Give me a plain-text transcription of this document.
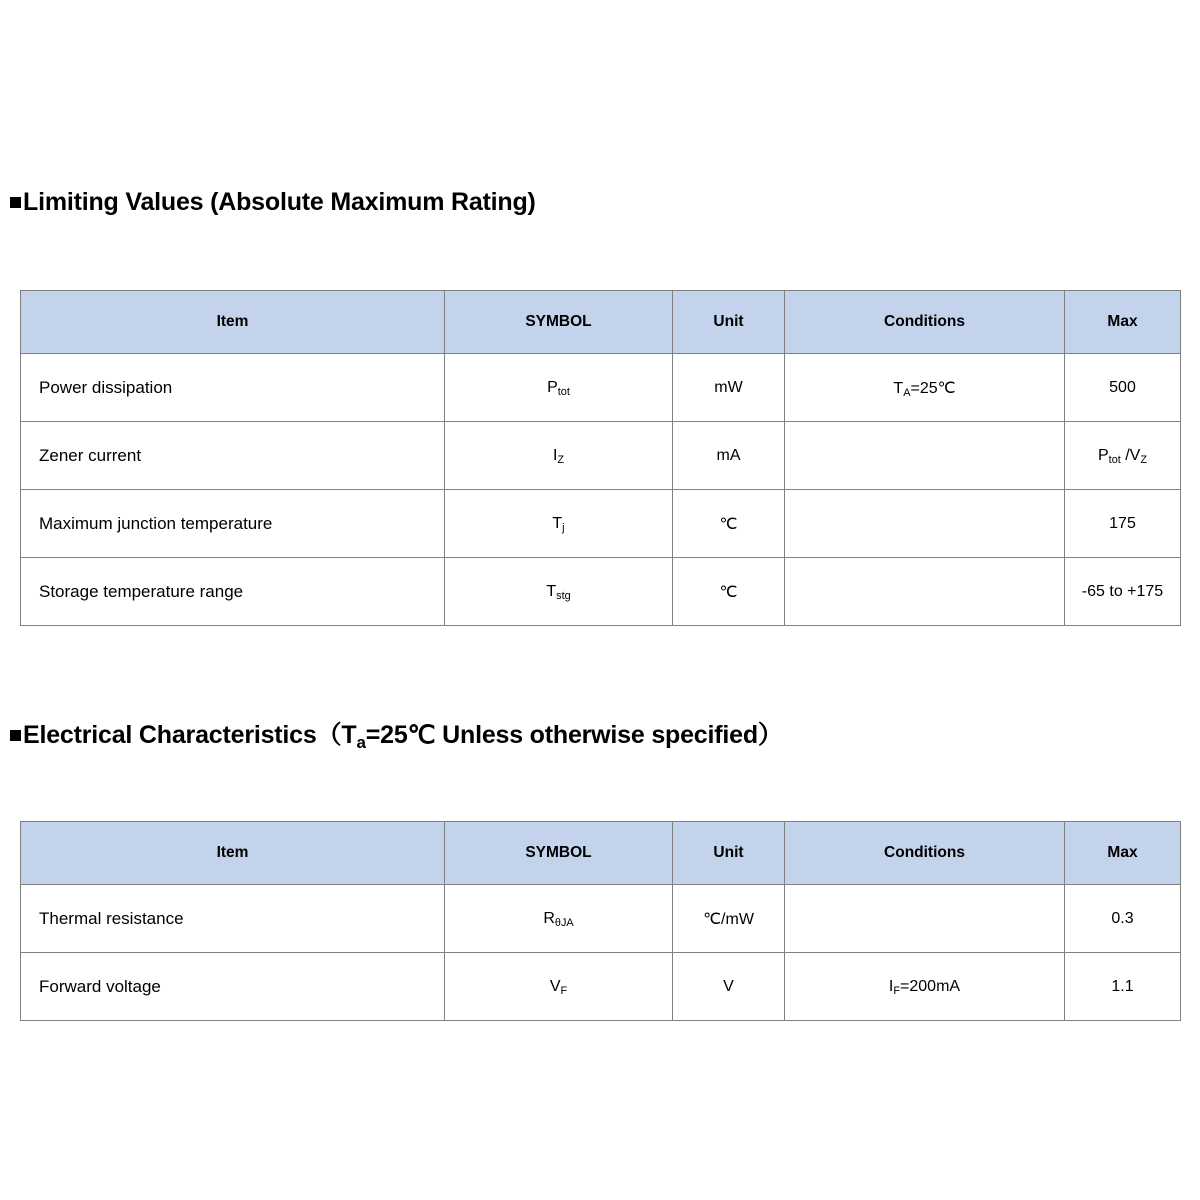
Limiting Values (Absolute Maximum Rating)
Item	SYMBOL	Unit	Conditions	Max
Power dissipation	$P_{tot}$	mW	$T_A=25℃$	500
Zener current	$I_Z$	mA		$P_{tot}$ $/V_Z$
Maximum junction temperature	$T_j$	℃		175
Storage temperature range	$T_{stg}$	℃		-65 to +175
Electrical $Characteristics(T_a=25℃$ Unless otherwise specified）
Item	SYMBOL	Unit	Conditions	Max
Thermal resistance	$R_{\theta JA}$	℃/mW		0.3
Forward voltage	$V_F$	V	$I_F=200mA$	1.1
